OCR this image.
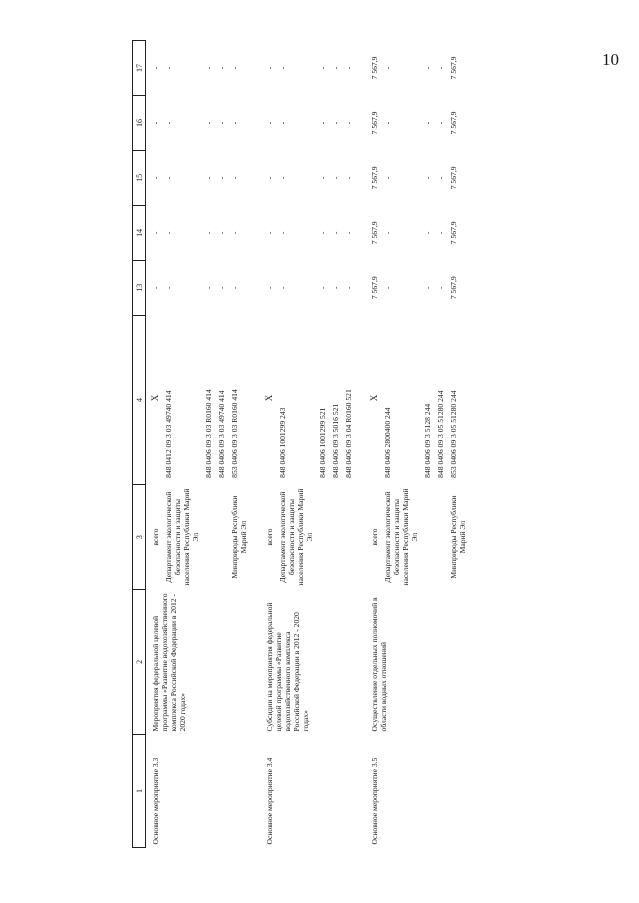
10
1	2	3	4	13	14	15	16	17
Основное мероприятие 3.3	Мероприятия федеральной целевой программы «Развитие водохозяйственного комплекса Российской Федерации в 2012 - 2020 годах»	всего	X	-	-	-	-	-
		Департамент экологической безопасности и защиты населения Республики Марий Эл	848 0412 09 3 03 49740 414	-	-	-	-	-
			848 0406 09 3 03 R0160 414	-	-	-	-	-
			848 0406 09 3 03 49740 414	-	-	-	-	-
		Минприроды Республики Марий Эл	853 0406 09 3 03 R0160 414	-	-	-	-	-
Основное мероприятие 3.4	Субсидии на мероприятия федеральной целевой программы «Развитие водохозяйственного комплекса Российской Федерации в 2012 - 2020 годах»	всего	X	-	-	-	-	-
		Департамент экологической безопасности и защиты населения Республики Марий Эл	848 0406 1001299 243	-	-	-	-	-
			848 0406 1001299 521	-	-	-	-	-
			848 0406 09 3 5016 521	-	-	-	-	-
			848 0406 09 3 04 R0160 521	-	-	-	-	-
Основное мероприятие 3.5	Осуществление отдельных полномочий в области водных отношений	всего	X	7 567,9	7 567,9	7 567,9	7 567,9	7 567,9
		Департамент экологической безопасности и защиты населения Республики Марий Эл	848 0406 2800400 244	-	-	-	-	-
			848 0406 09 3 5128 244	-	-	-	-	-
			848 0406 09 3 05 51280 244	-	-	-	-	-
		Минприроды Республики Марий Эл	853 0406 09 3 05 51280 244	7 567,9	7 567,9	7 567,9	7 567,9	7 567,9
